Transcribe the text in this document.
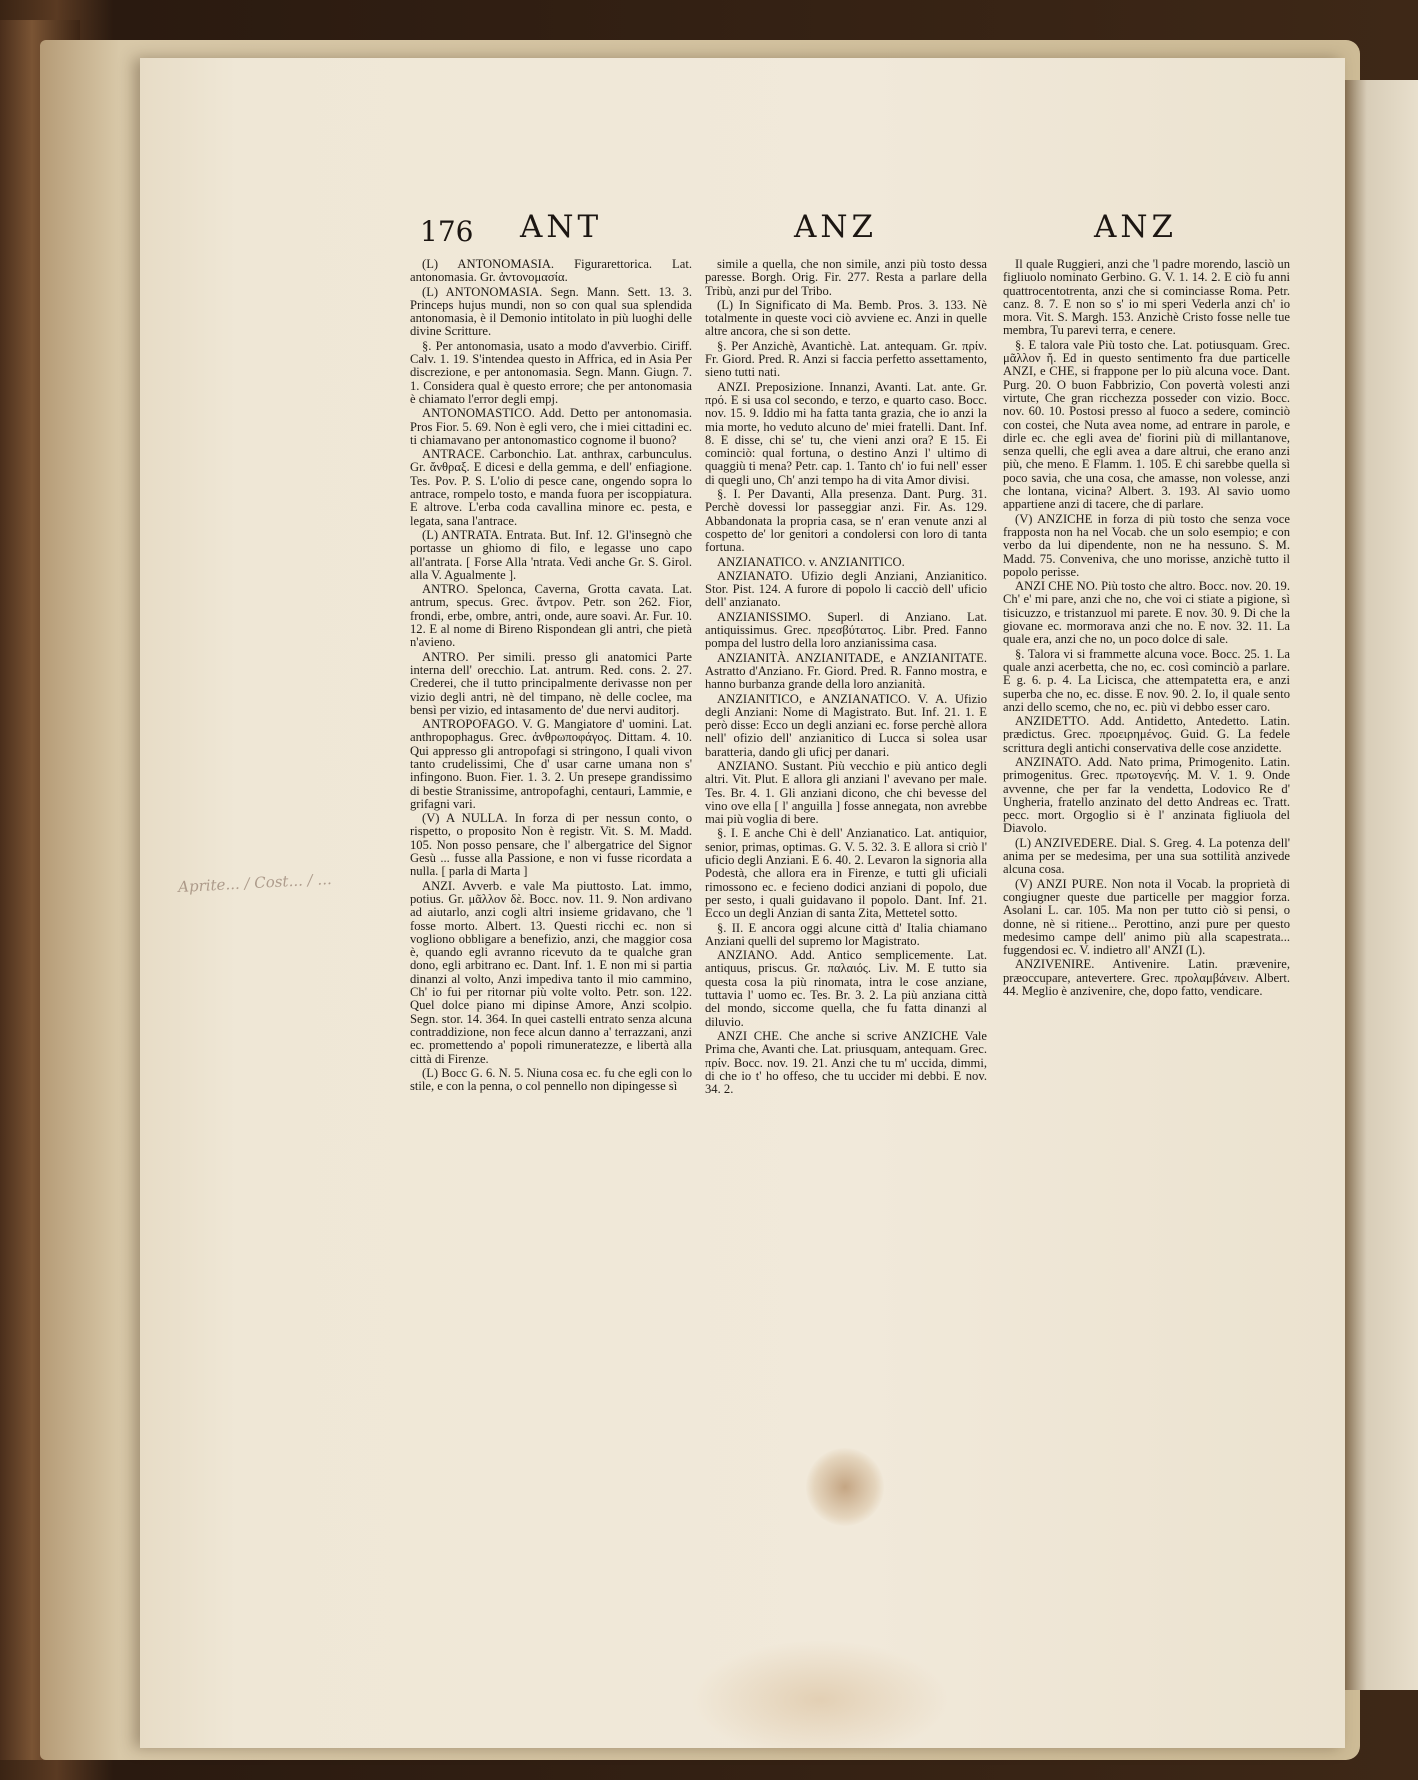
Aprite... / Cost... / ...
176 ANT	ANZ	ANZ

(L) ANTONOMASIA. Figurarettorica. Lat. antonomasia. Gr. ἀντονομασία.

(L) ANTONOMASIA. Segn. Mann. Sett. 13. 3. Princeps hujus mundi, non so con qual sua splendida antonomasia, è il Demonio intitolato in più luoghi delle divine Scritture.

§. Per antonomasia, usato a modo d'avverbio. Ciriff. Calv. 1. 19. S'intendea questo in Affrica, ed in Asia Per discrezione, e per antonomasia. Segn. Mann. Giugn. 7. 1. Considera qual è questo errore; che per antonomasia è chiamato l'error degli empj.

ANTONOMASTICO. Add. Detto per antonomasia. Pros Fior. 5. 69. Non è egli vero, che i miei cittadini ec. ti chiamavano per antonomastico cognome il buono?

ANTRACE. Carbonchio. Lat. anthrax, carbunculus. Gr. ἄνθραξ. E dicesi e della gemma, e dell' enfiagione. Tes. Pov. P. S. L'olio di pesce cane, ongendo sopra lo antrace, rompelo tosto, e manda fuora per iscoppiatura. E altrove. L'erba coda cavallina minore ec. pesta, e legata, sana l'antrace.

(L) ANTRATA. Entrata. But. Inf. 12. Gl'insegnò che portasse un ghiomo di filo, e legasse uno capo all'antrata. [ Forse Alla 'ntrata. Vedi anche Gr. S. Girol. alla V. Agualmente ].

ANTRO. Spelonca, Caverna, Grotta cavata. Lat. antrum, specus. Grec. ἄντρον. Petr. son 262. Fior, frondi, erbe, ombre, antri, onde, aure soavi. Ar. Fur. 10. 12. E al nome di Bireno Rispondean gli antri, che pietà n'avieno.

ANTRO. Per simili. presso gli anatomici Parte interna dell' orecchio. Lat. antrum. Red. cons. 2. 27. Crederei, che il tutto principalmente derivasse non per vizio degli antri, nè del timpano, nè delle coclee, ma bensì per vizio, ed intasamento de' due nervi auditorj.

ANTROPOFAGO. V. G. Mangiatore d' uomini. Lat. anthropophagus. Grec. ἀνθρωποφάγος. Dittam. 4. 10. Qui appresso gli antropofagi si stringono, I quali vivon tanto crudelissimi, Che d' usar carne umana non s' infingono. Buon. Fier. 1. 3. 2. Un presepe grandissimo di bestie Stranissime, antropofaghi, centauri, Lammie, e grifagni vari.

(V) A NULLA. In forza di per nessun conto, o rispetto, o proposito Non è registr. Vit. S. M. Madd. 105. Non posso pensare, che l' albergatrice del Signor Gesù ... fusse alla Passione, e non vi fusse ricordata a nulla. [ parla di Marta ]

ANZI. Avverb. e vale Ma piuttosto. Lat. immo, potius. Gr. μᾶλλον δὲ. Bocc. nov. 11. 9. Non ardivano ad aiutarlo, anzi cogli altri insieme gridavano, che 'l fosse morto. Albert. 13. Questi ricchi ec. non si vogliono obbligare a benefizio, anzi, che maggior cosa è, quando egli avranno ricevuto da te qualche gran dono, egli arbitrano ec. Dant. Inf. 1. E non mi si partia dinanzi al volto, Anzi impediva tanto il mio cammino, Ch' io fui per ritornar più volte volto. Petr. son. 122. Quel dolce piano mi dipinse Amore, Anzi scolpio. Segn. stor. 14. 364. In quei castelli entrato senza alcuna contraddizione, non fece alcun danno a' terrazzani, anzi ec. promettendo a' popoli rimuneratezze, e libertà alla città di Firenze.

(L) Bocc G. 6. N. 5. Niuna cosa ec. fu che egli con lo stile, e con la penna, o col pennello non dipingesse sì

simile a quella, che non simile, anzi più tosto dessa paresse. Borgh. Orig. Fir. 277. Resta a parlare della Tribù, anzi pur del Tribo.

(L) In Significato di Ma. Bemb. Pros. 3. 133. Nè totalmente in queste voci ciò avviene ec. Anzi in quelle altre ancora, che si son dette.

§. Per Anzichè, Avantichè. Lat. antequam. Gr. πρίν. Fr. Giord. Pred. R. Anzi si faccia perfetto assettamento, sieno tutti nati.

ANZI. Preposizione. Innanzi, Avanti. Lat. ante. Gr. πρό. E si usa col secondo, e terzo, e quarto caso. Bocc. nov. 15. 9. Iddio mi ha fatta tanta grazia, che io anzi la mia morte, ho veduto alcuno de' miei fratelli. Dant. Inf. 8. E disse, chi se' tu, che vieni anzi ora? E 15. Ei cominciò: qual fortuna, o destino Anzi l' ultimo di quaggiù ti mena? Petr. cap. 1. Tanto ch' io fui nell' esser di quegli uno, Ch' anzi tempo ha di vita Amor divisi.

§. I. Per Davanti, Alla presenza. Dant. Purg. 31. Perchè dovessi lor passeggiar anzi. Fir. As. 129. Abbandonata la propria casa, se n' eran venute anzi al cospetto de' lor genitori a condolersi con loro di tanta fortuna.

ANZIANATICO. v. ANZIANITICO.

ANZIANATO. Ufizio degli Anziani, Anzianitico. Stor. Pist. 124. A furore di popolo li cacciò dell' uficio dell' anzianato.

ANZIANISSIMO. Superl. di Anziano. Lat. antiquissimus. Grec. πρεσβύτατος. Libr. Pred. Fanno pompa del lustro della loro anzianissima casa.

ANZIANITÀ. ANZIANITADE, e ANZIANITATE. Astratto d'Anziano. Fr. Giord. Pred. R. Fanno mostra, e hanno burbanza grande della loro anzianità.

ANZIANITICO, e ANZIANATICO. V. A. Ufizio degli Anziani: Nome di Magistrato. But. Inf. 21. 1. E però disse: Ecco un degli anziani ec. forse perchè allora nell' ofizio dell' anzianitico di Lucca si solea usar baratteria, dando gli uficj per danari.

ANZIANO. Sustant. Più vecchio e più antico degli altri. Vit. Plut. E allora gli anziani l' avevano per male. Tes. Br. 4. 1. Gli anziani dicono, che chi bevesse del vino ove ella [ l' anguilla ] fosse annegata, non avrebbe mai più voglia di bere.

§. I. E anche Chi è dell' Anzianatico. Lat. antiquior, senior, primas, optimas. G. V. 5. 32. 3. E allora si criò l' uficio degli Anziani. E 6. 40. 2. Levaron la signoria alla Podestà, che allora era in Firenze, e tutti gli uficiali rimossono ec. e fecieno dodici anziani di popolo, due per sesto, i quali guidavano il popolo. Dant. Inf. 21. Ecco un degli Anzian di santa Zita, Mettetel sotto.

§. II. E ancora oggi alcune città d' Italia chiamano Anziani quelli del supremo lor Magistrato.

ANZIANO. Add. Antico semplicemente. Lat. antiquus, priscus. Gr. παλαιός. Liv. M. E tutto sia questa cosa la più rinomata, intra le cose anziane, tuttavia l' uomo ec. Tes. Br. 3. 2. La più anziana città del mondo, siccome quella, che fu fatta dinanzi al diluvio.

ANZI CHE. Che anche si scrive ANZICHE Vale Prima che, Avanti che. Lat. priusquam, antequam. Grec. πρίν. Bocc. nov. 19. 21. Anzi che tu m' uccida, dimmi, di che io t' ho offeso, che tu uccider mi debbi. E nov. 34. 2.

Il quale Ruggieri, anzi che 'l padre morendo, lasciò un figliuolo nominato Gerbino. G. V. 1. 14. 2. E ciò fu anni quattrocentotrenta, anzi che si cominciasse Roma. Petr. canz. 8. 7. E non so s' io mi speri Vederla anzi ch' io mora. Vit. S. Margh. 153. Anzichè Cristo fosse nelle tue membra, Tu parevi terra, e cenere.

§. E talora vale Più tosto che. Lat. potiusquam. Grec. μᾶλλον ἤ. Ed in questo sentimento fra due particelle ANZI, e CHE, si frappone per lo più alcuna voce. Dant. Purg. 20. O buon Fabbrizio, Con povertà volesti anzi virtute, Che gran ricchezza posseder con vizio. Bocc. nov. 60. 10. Postosi presso al fuoco a sedere, cominciò con costei, che Nuta avea nome, ad entrare in parole, e dirle ec. che egli avea de' fiorini più di millantanove, senza quelli, che egli avea a dare altrui, che erano anzi più, che meno. E Flamm. 1. 105. E chi sarebbe quella sì poco savia, che una cosa, che amasse, non volesse, anzi che lontana, vicina? Albert. 3. 193. Al savio uomo appartiene anzi di tacere, che di parlare.

(V) ANZICHE in forza di più tosto che senza voce frapposta non ha nel Vocab. che un solo esempio; e con verbo da lui dipendente, non ne ha nessuno. S. M. Madd. 75. Conveniva, che uno morisse, anzichè tutto il popolo perisse.

ANZI CHE NO. Più tosto che altro. Bocc. nov. 20. 19. Ch' e' mi pare, anzi che no, che voi ci stiate a pigione, sì tisicuzzo, e tristanzuol mi parete. E nov. 30. 9. Di che la giovane ec. mormorava anzi che no. E nov. 32. 11. La quale era, anzi che no, un poco dolce di sale.

§. Talora vi si frammette alcuna voce. Bocc. 25. 1. La quale anzi acerbetta, che no, ec. così cominciò a parlare. E g. 6. p. 4. La Licisca, che attempatetta era, e anzi superba che no, ec. disse. E nov. 90. 2. Io, il quale sento anzi dello scemo, che no, ec. più vi debbo esser caro.

ANZIDETTO. Add. Antidetto, Antedetto. Latin. prædictus. Grec. προειρημένος. Guid. G. La fedele scrittura degli antichi conservativa delle cose anzidette.

ANZINATO. Add. Nato prima, Primogenito. Latin. primogenitus. Grec. πρωτογενής. M. V. 1. 9. Onde avvenne, che per far la vendetta, Lodovico Re d' Ungheria, fratello anzinato del detto Andreas ec. Tratt. pecc. mort. Orgoglio si è l' anzinata figliuola del Diavolo.

(L) ANZIVEDERE. Dial. S. Greg. 4. La potenza dell' anima per se medesima, per una sua sottilità anzivede alcuna cosa.

(V) ANZI PURE. Non nota il Vocab. la proprietà di congiugner queste due particelle per maggior forza. Asolani L. car. 105. Ma non per tutto ciò si pensi, o donne, nè si ritiene... Perottino, anzi pure per questo medesimo campe dell' animo più alla scapestrata... fuggendosi ec. V. indietro all' ANZI (L).

ANZIVENIRE. Antivenire. Latin. prævenire, præoccupare, antevertere. Grec. προλαμβάνειν. Albert. 44. Meglio è anzivenire, che, dopo fatto, vendicare.
